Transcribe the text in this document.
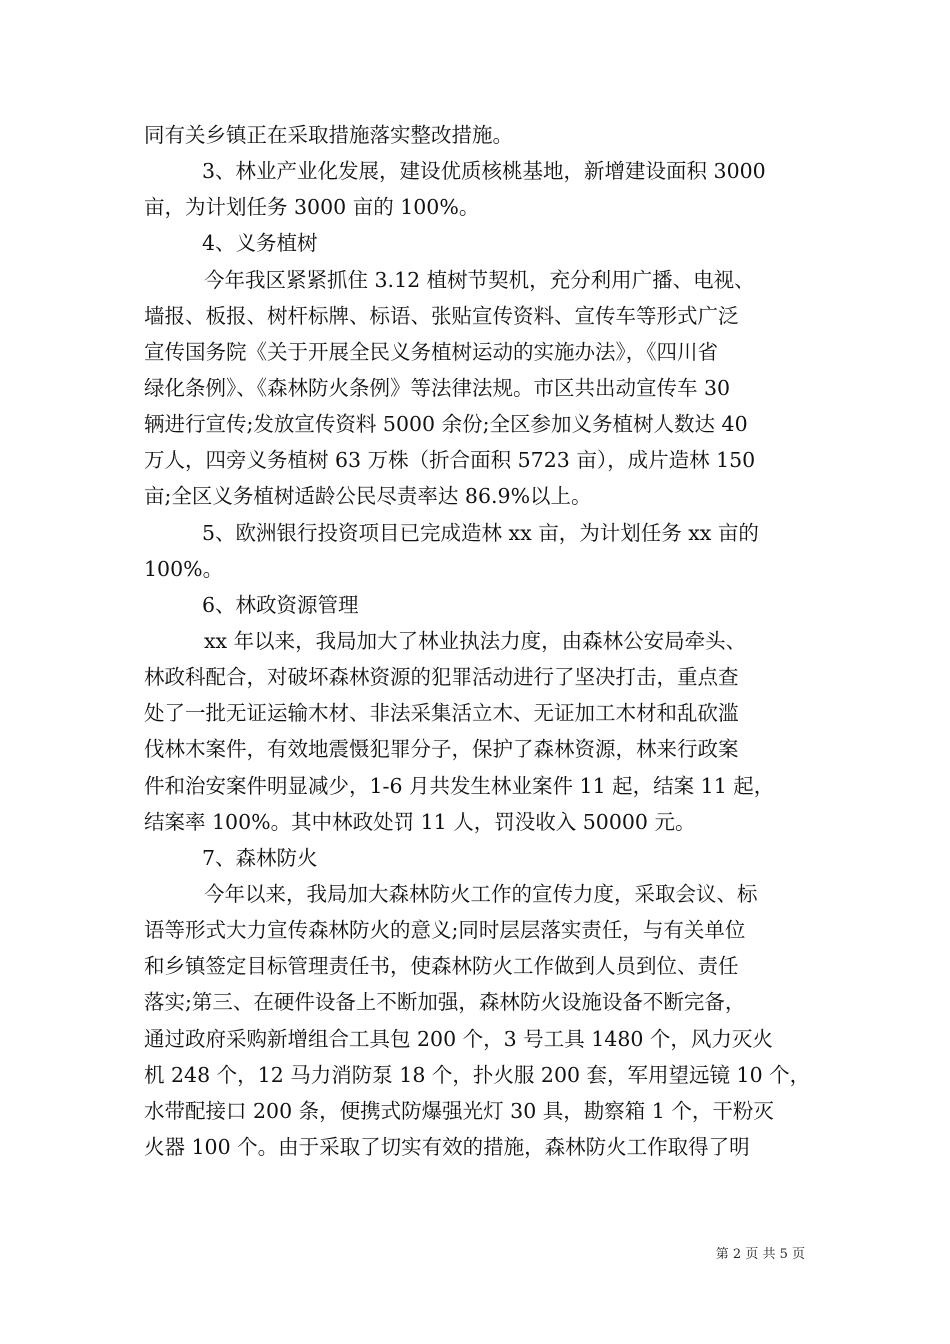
同有关乡镇正在采取措施落实整改措施。
3、林业产业化发展，建设优质核桃基地，新增建设面积 3000
亩，为计划任务 3000 亩的 100%。
4、义务植树
今年我区紧紧抓住 3.12 植树节契机，充分利用广播、电视、
墙报、板报、树杆标牌、标语、张贴宣传资料、宣传车等形式广泛
宣传国务院《关于开展全民义务植树运动的实施办法》，《四川省
绿化条例》、《森林防火条例》等法律法规。市区共出动宣传车 30
辆进行宣传;发放宣传资料 5000 余份;全区参加义务植树人数达 40
万人，四旁义务植树 63 万株（折合面积 5723 亩），成片造林 150
亩;全区义务植树适龄公民尽责率达 86.9%以上。
5、欧洲银行投资项目已完成造林 xx 亩，为计划任务 xx 亩的
100%。
6、林政资源管理
xx 年以来，我局加大了林业执法力度，由森林公安局牵头、
林政科配合，对破坏森林资源的犯罪活动进行了坚决打击，重点查
处了一批无证运输木材、非法采集活立木、无证加工木材和乱砍滥
伐林木案件，有效地震慑犯罪分子，保护了森林资源，林来行政案
件和治安案件明显减少，1-6 月共发生林业案件 11 起，结案 11 起，
结案率 100%。其中林政处罚 11 人，罚没收入 50000 元。
7、森林防火
今年以来，我局加大森林防火工作的宣传力度，采取会议、标
语等形式大力宣传森林防火的意义;同时层层落实责任，与有关单位
和乡镇签定目标管理责任书，使森林防火工作做到人员到位、责任
落实;第三、在硬件设备上不断加强，森林防火设施设备不断完备，
通过政府采购新增组合工具包 200 个，3 号工具 1480 个，风力灭火
机 248 个，12 马力消防泵 18 个，扑火服 200 套，军用望远镜 10 个，
水带配接口 200 条，便携式防爆强光灯 30 具，勘察箱 1 个，干粉灭
火器 100 个。由于采取了切实有效的措施，森林防火工作取得了明
第 2 页 共 5 页
